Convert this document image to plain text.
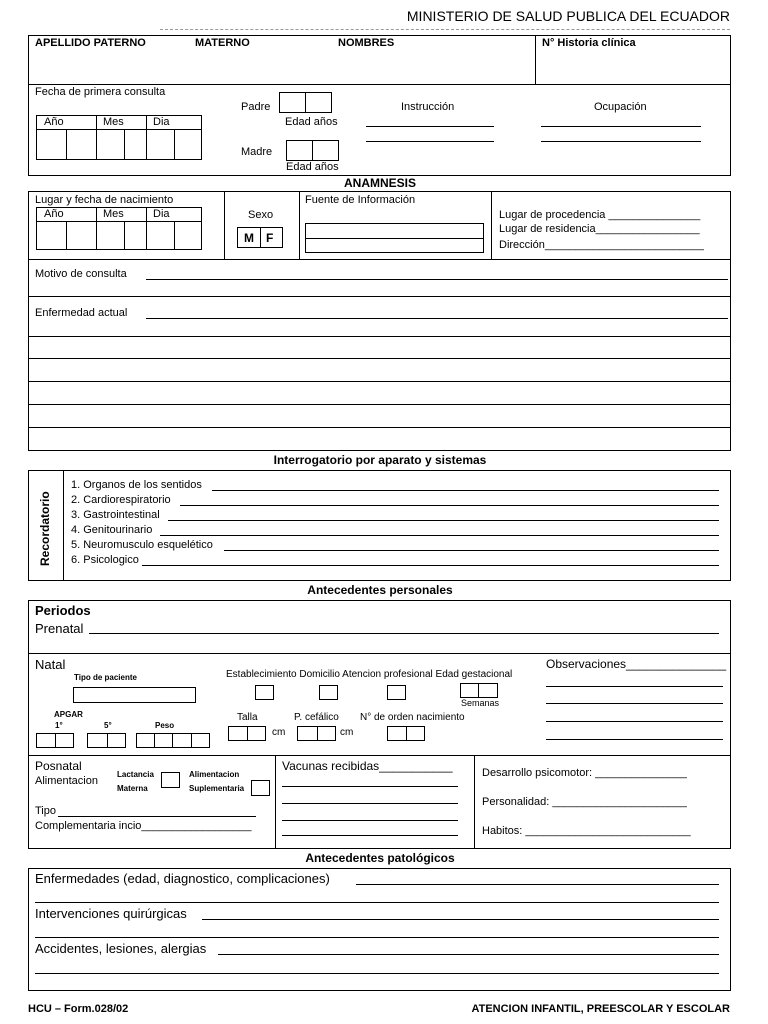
MINISTERIO DE SALUD PUBLICA DEL ECUADOR
APELLIDO PATERNO	MATERNO	NOMBRES	N° Historia clínica
Fecha de primera consulta
Año	Mes	Dia
Padre
Edad años
Madre
Edad años
Instrucción	Ocupación
ANAMNESIS
Lugar y fecha de nacimiento
Año	Mes	Dia	Sexo
M F
Fuente de Información
Lugar de procedencia _______________
Lugar de residencia_________________
Dirección__________________________
Motivo de consulta
Enfermedad actual
Interrogatorio por aparato y sistemas
Recordatorio
1. Organos de los sentidos
2. Cardiorespiratorio
3. Gastrointestinal
4. Genitourinario
5. Neuromusculo esquelético
6. Psicologico
Antecedentes personales
Periodos
Prenatal
Natal
Tipo de paciente	Establecimiento Domicilio Atencion profesional Edad gestacional
Semanas
Observaciones_______________
APGAR
1°	5°	Peso
Talla
cm
P. cefálico
cm
N° de orden nacimiento
Posnatal
Alimentacion
Lactancia
Materna
Alimentacion
Suplementaria
Tipo
Complementaria incio__________________
Vacunas recibidas___________	Desarrollo psicomotor: _______________
Personalidad: ______________________
Habitos: ___________________________
Antecedentes patológicos
Enfermedades (edad, diagnostico, complicaciones)
Intervenciones quirúrgicas
Accidentes, lesiones, alergias
HCU – Form.028/02	ATENCION INFANTIL, PREESCOLAR Y ESCOLAR
